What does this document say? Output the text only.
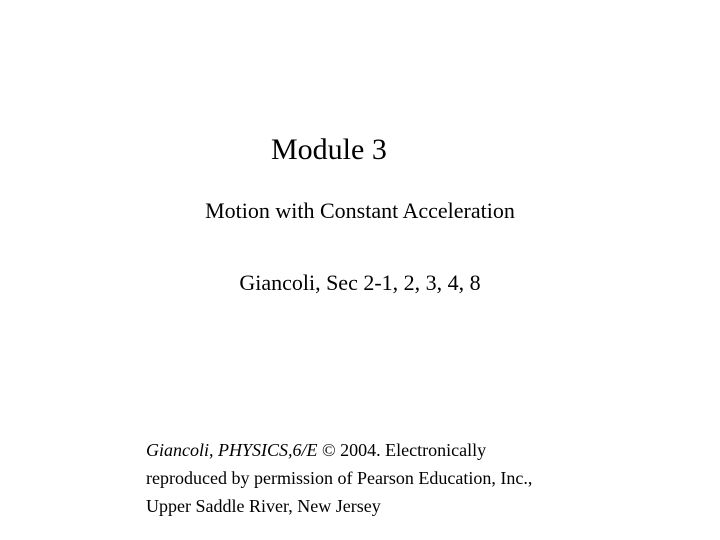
Module 3
Motion with Constant Acceleration
Giancoli, Sec 2-1, 2, 3, 4, 8
Giancoli, PHYSICS,6/E © 2004. Electronically
reproduced by permission of Pearson Education, Inc.,
Upper Saddle River, New Jersey
